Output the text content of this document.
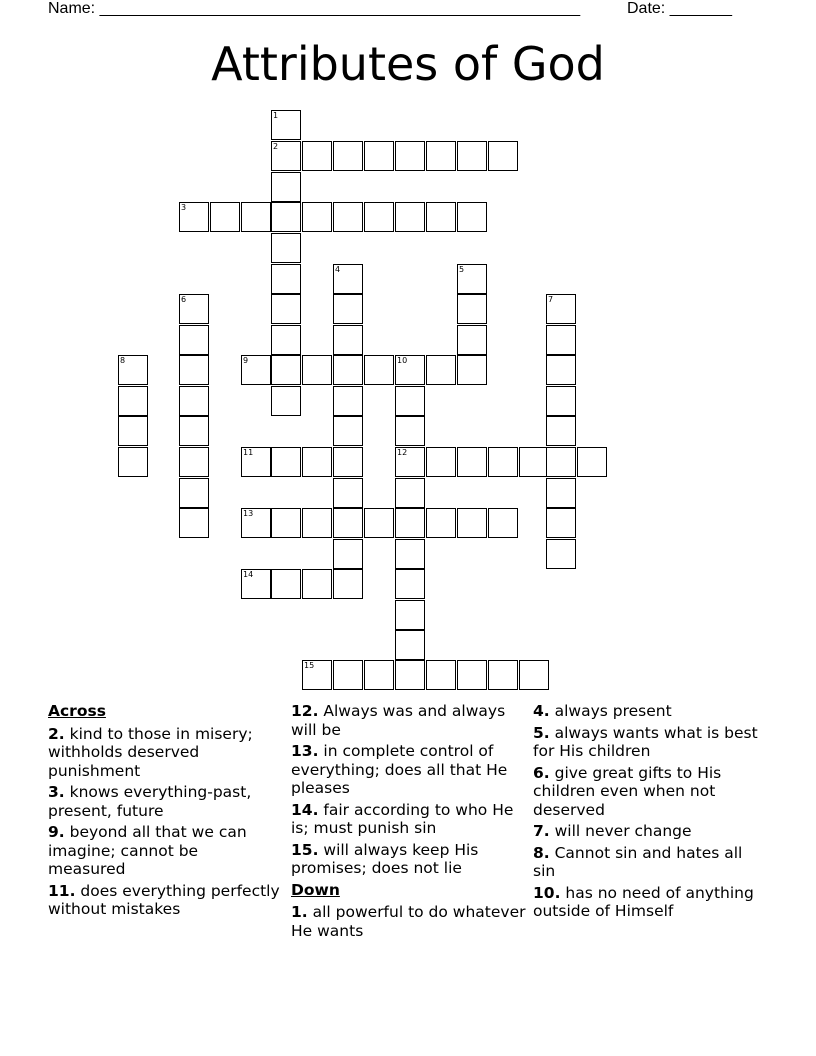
Name: ______________________________________________________	Date: _______
Attributes of God
1
2
3
4	5
6	7
8	9	10
11	12
13
14
15
Across
2. kind to those in misery; withholds deserved punishment
3. knows everything-past, present, future
9. beyond all that we can imagine; cannot be measured
11. does everything perfectly without mistakes
12. Always was and always will be
13. in complete control of everything; does all that He pleases
14. fair according to who He is; must punish sin
15. will always keep His promises; does not lie
Down
1. all powerful to do whatever He wants
4. always present
5. always wants what is best for His children
6. give great gifts to His children even when not deserved
7. will never change
8. Cannot sin and hates all sin
10. has no need of anything outside of Himself
